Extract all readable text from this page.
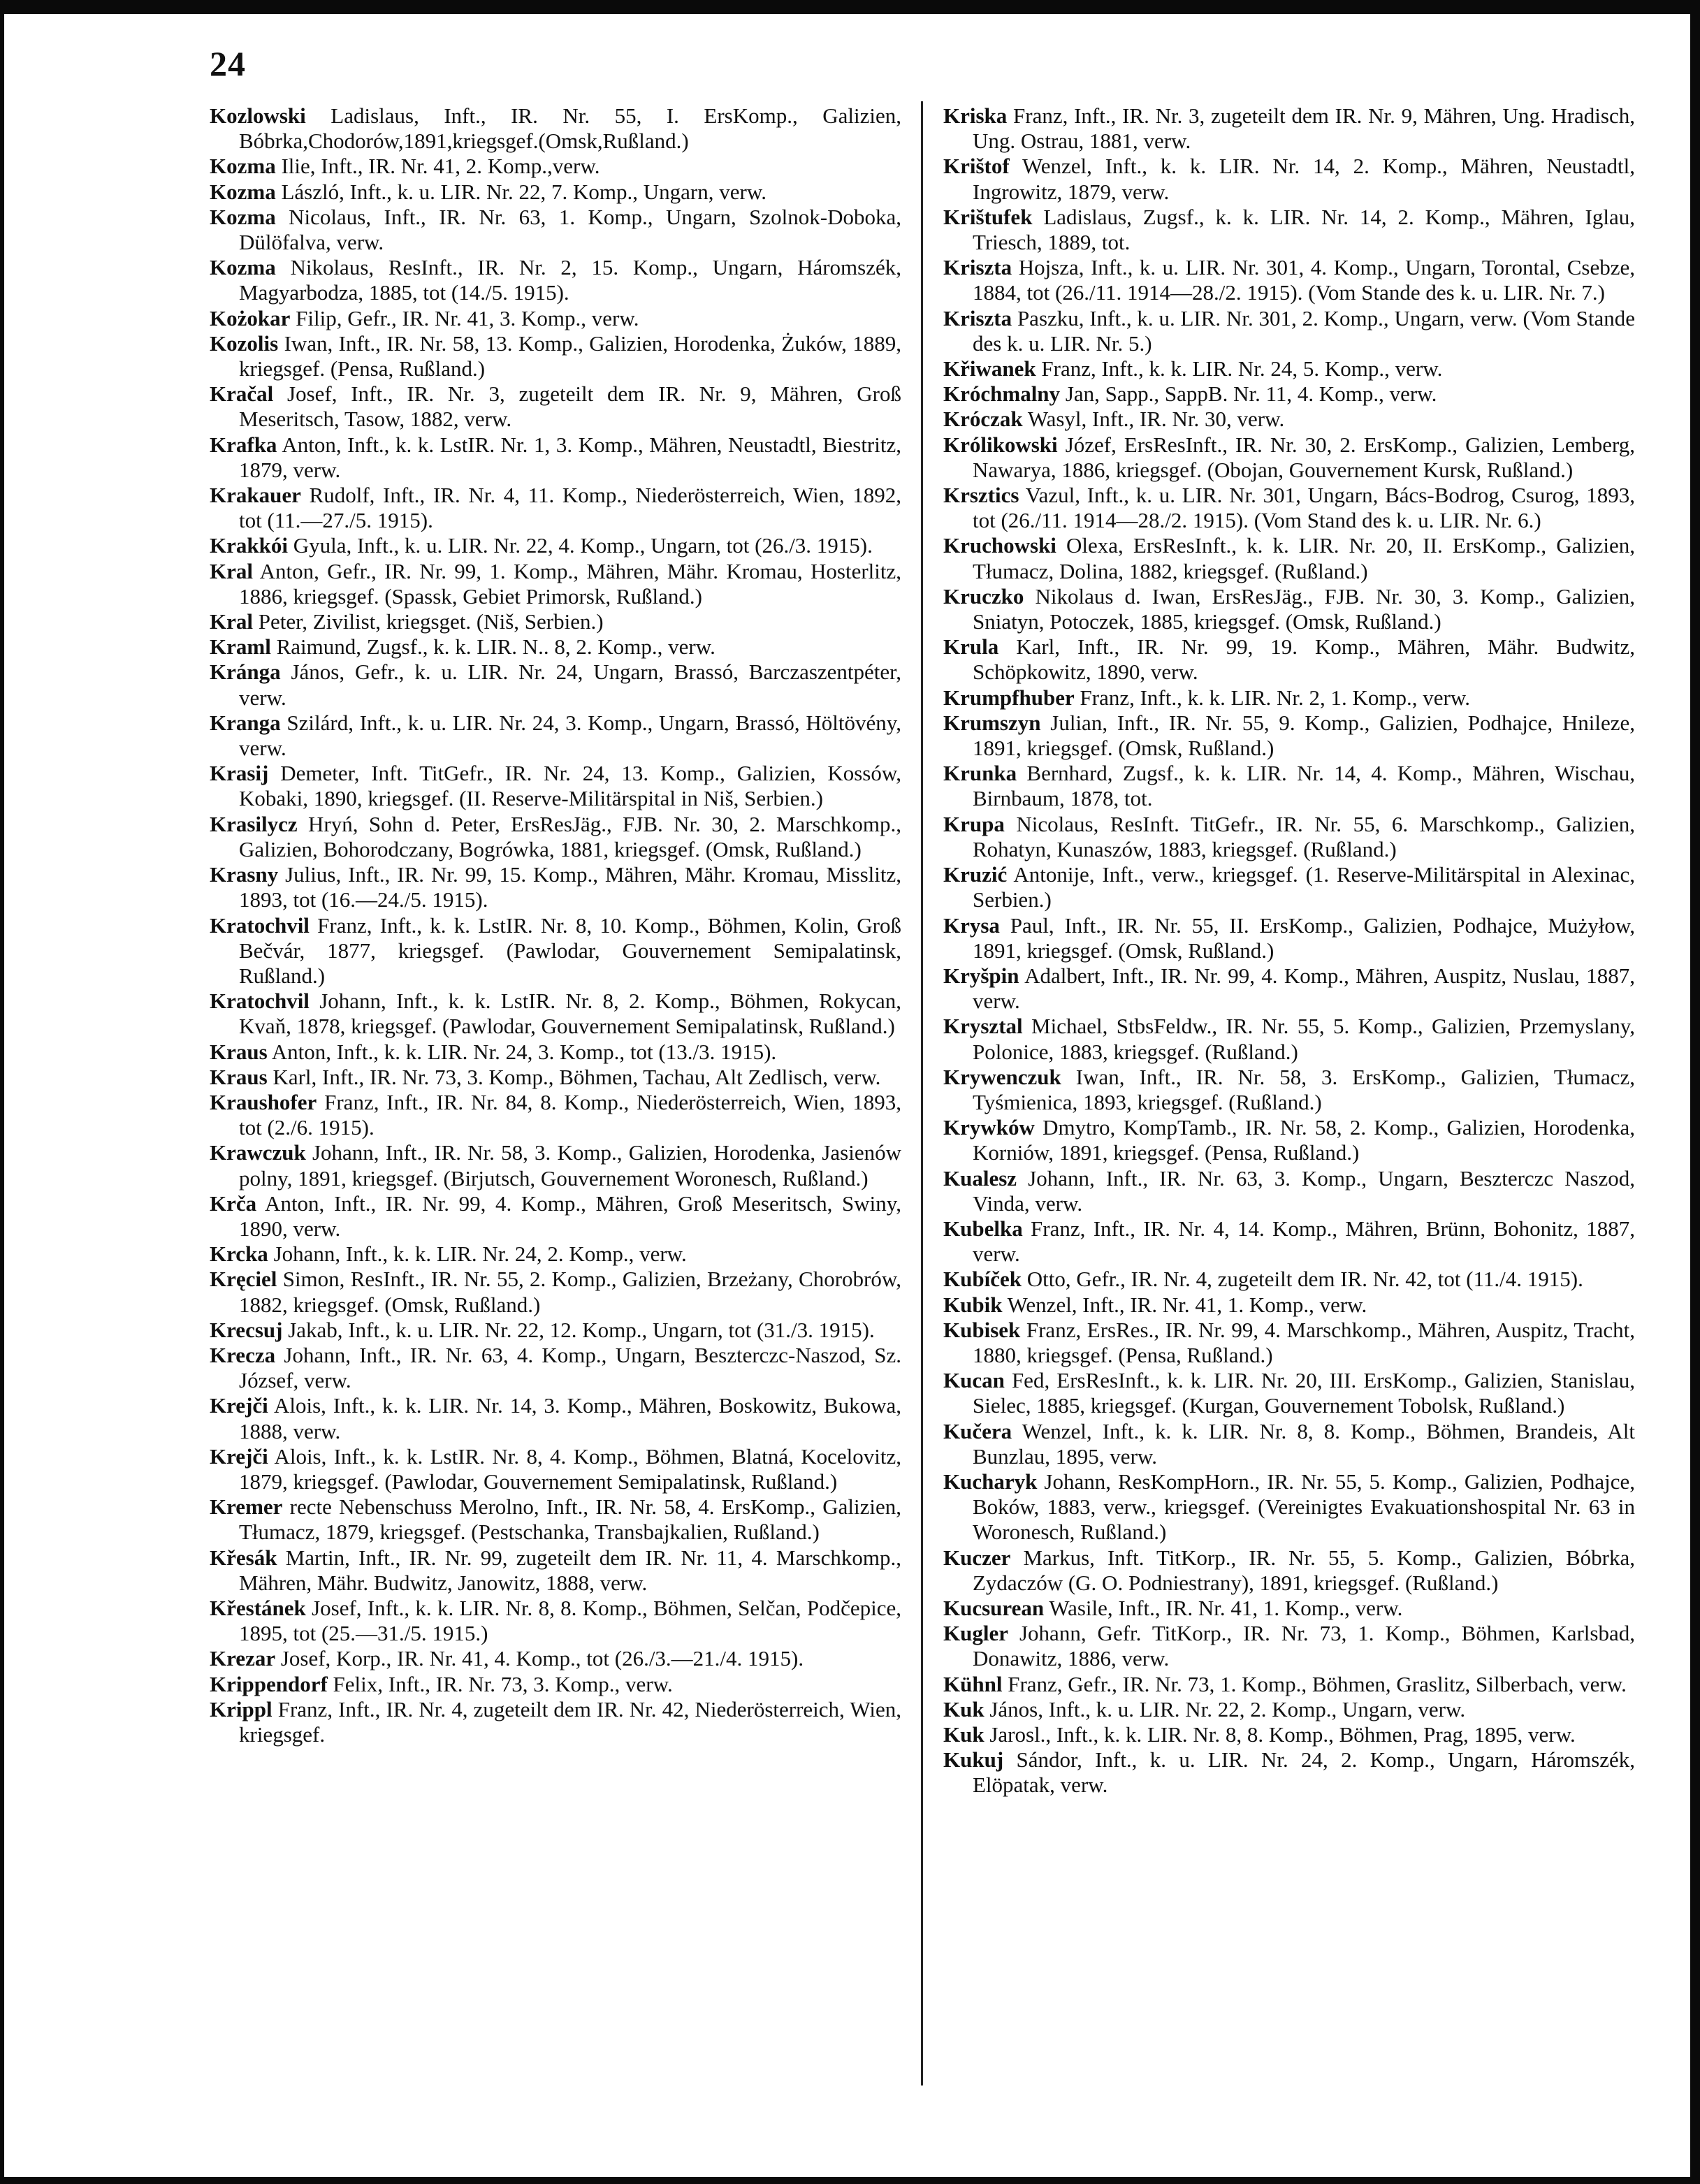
24

Kozlowski Ladislaus, Inft., IR. Nr. 55, I. ErsKomp., Galizien, Bóbrka,Chodorów,1891,kriegsgef.(Omsk,Rußland.)

Kozma Ilie, Inft., IR. Nr. 41, 2. Komp.,verw.

Kozma László, Inft., k. u. LIR. Nr. 22, 7. Komp., Ungarn, verw.

Kozma Nicolaus, Inft., IR. Nr. 63, 1. Komp., Ungarn, Szolnok-Doboka, Dülöfalva, verw.

Kozma Nikolaus, ResInft., IR. Nr. 2, 15. Komp., Ungarn, Háromszék, Magyarbodza, 1885, tot (14./5. 1915).

Kożokar Filip, Gefr., IR. Nr. 41, 3. Komp., verw.

Kozolis Iwan, Inft., IR. Nr. 58, 13. Komp., Galizien, Horodenka, Żuków, 1889, kriegsgef. (Pensa, Rußland.)

Kračal Josef, Inft., IR. Nr. 3, zugeteilt dem IR. Nr. 9, Mähren, Groß Meseritsch, Tasow, 1882, verw.

Krafka Anton, Inft., k. k. LstIR. Nr. 1, 3. Komp., Mähren, Neustadtl, Biestritz, 1879, verw.

Krakauer Rudolf, Inft., IR. Nr. 4, 11. Komp., Niederösterreich, Wien, 1892, tot (11.—27./5. 1915).

Krakkói Gyula, Inft., k. u. LIR. Nr. 22, 4. Komp., Ungarn, tot (26./3. 1915).

Kral Anton, Gefr., IR. Nr. 99, 1. Komp., Mähren, Mähr. Kromau, Hosterlitz, 1886, kriegsgef. (Spassk, Gebiet Primorsk, Rußland.)

Kral Peter, Zivilist, kriegsget. (Niš, Serbien.)

Kraml Raimund, Zugsf., k. k. LIR. N.. 8, 2. Komp., verw.

Kránga János, Gefr., k. u. LIR. Nr. 24, Ungarn, Brassó, Barczaszentpéter, verw.

Kranga Szilárd, Inft., k. u. LIR. Nr. 24, 3. Komp., Ungarn, Brassó, Höltövény, verw.

Krasij Demeter, Inft. TitGefr., IR. Nr. 24, 13. Komp., Galizien, Kossów, Kobaki, 1890, kriegsgef. (II. Reserve-Militärspital in Niš, Serbien.)

Krasilycz Hryń, Sohn d. Peter, ErsResJäg., FJB. Nr. 30, 2. Marschkomp., Galizien, Bohorodczany, Bogrówka, 1881, kriegsgef. (Omsk, Rußland.)

Krasny Julius, Inft., IR. Nr. 99, 15. Komp., Mähren, Mähr. Kromau, Misslitz, 1893, tot (16.—24./5. 1915).

Kratochvil Franz, Inft., k. k. LstIR. Nr. 8, 10. Komp., Böhmen, Kolin, Groß Bečvár, 1877, kriegsgef. (Pawlodar, Gouvernement Semipalatinsk, Rußland.)

Kratochvil Johann, Inft., k. k. LstIR. Nr. 8, 2. Komp., Böhmen, Rokycan, Kvaň, 1878, kriegsgef. (Pawlodar, Gouvernement Semipalatinsk, Rußland.)

Kraus Anton, Inft., k. k. LIR. Nr. 24, 3. Komp., tot (13./3. 1915).

Kraus Karl, Inft., IR. Nr. 73, 3. Komp., Böhmen, Tachau, Alt Zedlisch, verw.

Kraushofer Franz, Inft., IR. Nr. 84, 8. Komp., Niederösterreich, Wien, 1893, tot (2./6. 1915).

Krawczuk Johann, Inft., IR. Nr. 58, 3. Komp., Galizien, Horodenka, Jasienów polny, 1891, kriegsgef. (Birjutsch, Gouvernement Woronesch, Rußland.)

Krča Anton, Inft., IR. Nr. 99, 4. Komp., Mähren, Groß Meseritsch, Swiny, 1890, verw.

Krcka Johann, Inft., k. k. LIR. Nr. 24, 2. Komp., verw.

Kręciel Simon, ResInft., IR. Nr. 55, 2. Komp., Galizien, Brzeżany, Chorobrów, 1882, kriegsgef. (Omsk, Rußland.)

Krecsuj Jakab, Inft., k. u. LIR. Nr. 22, 12. Komp., Ungarn, tot (31./3. 1915).

Krecza Johann, Inft., IR. Nr. 63, 4. Komp., Ungarn, Beszterczc-Naszod, Sz. József, verw.

Krejči Alois, Inft., k. k. LIR. Nr. 14, 3. Komp., Mähren, Boskowitz, Bukowa, 1888, verw.

Krejči Alois, Inft., k. k. LstIR. Nr. 8, 4. Komp., Böhmen, Blatná, Kocelovitz, 1879, kriegsgef. (Pawlodar, Gouvernement Semipalatinsk, Rußland.)

Kremer recte Nebenschuss Merolno, Inft., IR. Nr. 58, 4. ErsKomp., Galizien, Tłumacz, 1879, kriegsgef. (Pestschanka, Transbajkalien, Rußland.)

Křesák Martin, Inft., IR. Nr. 99, zugeteilt dem IR. Nr. 11, 4. Marschkomp., Mähren, Mähr. Budwitz, Janowitz, 1888, verw.

Křestánek Josef, Inft., k. k. LIR. Nr. 8, 8. Komp., Böhmen, Selčan, Podčepice, 1895, tot (25.—31./5. 1915.)

Krezar Josef, Korp., IR. Nr. 41, 4. Komp., tot (26./3.—21./4. 1915).

Krippendorf Felix, Inft., IR. Nr. 73, 3. Komp., verw.

Krippl Franz, Inft., IR. Nr. 4, zugeteilt dem IR. Nr. 42, Niederösterreich, Wien, kriegsgef.

Kriska Franz, Inft., IR. Nr. 3, zugeteilt dem IR. Nr. 9, Mähren, Ung. Hradisch, Ung. Ostrau, 1881, verw.

Krištof Wenzel, Inft., k. k. LIR. Nr. 14, 2. Komp., Mähren, Neustadtl, Ingrowitz, 1879, verw.

Krištufek Ladislaus, Zugsf., k. k. LIR. Nr. 14, 2. Komp., Mähren, Iglau, Triesch, 1889, tot.

Kriszta Hojsza, Inft., k. u. LIR. Nr. 301, 4. Komp., Ungarn, Torontal, Csebze, 1884, tot (26./11. 1914—28./2. 1915). (Vom Stande des k. u. LIR. Nr. 7.)

Kriszta Paszku, Inft., k. u. LIR. Nr. 301, 2. Komp., Ungarn, verw. (Vom Stande des k. u. LIR. Nr. 5.)

Křiwanek Franz, Inft., k. k. LIR. Nr. 24, 5. Komp., verw.

Króchmalny Jan, Sapp., SappB. Nr. 11, 4. Komp., verw.

Króczak Wasyl, Inft., IR. Nr. 30, verw.

Królikowski Józef, ErsResInft., IR. Nr. 30, 2. ErsKomp., Galizien, Lemberg, Nawarya, 1886, kriegsgef. (Obojan, Gouvernement Kursk, Rußland.)

Krsztics Vazul, Inft., k. u. LIR. Nr. 301, Ungarn, Bács-Bodrog, Csurog, 1893, tot (26./11. 1914—28./2. 1915). (Vom Stand des k. u. LIR. Nr. 6.)

Kruchowski Olexa, ErsResInft., k. k. LIR. Nr. 20, II. ErsKomp., Galizien, Tłumacz, Dolina, 1882, kriegsgef. (Rußland.)

Kruczko Nikolaus d. Iwan, ErsResJäg., FJB. Nr. 30, 3. Komp., Galizien, Sniatyn, Potoczek, 1885, kriegsgef. (Omsk, Rußland.)

Krula Karl, Inft., IR. Nr. 99, 19. Komp., Mähren, Mähr. Budwitz, Schöpkowitz, 1890, verw.

Krumpfhuber Franz, Inft., k. k. LIR. Nr. 2, 1. Komp., verw.

Krumszyn Julian, Inft., IR. Nr. 55, 9. Komp., Galizien, Podhajce, Hnileze, 1891, kriegsgef. (Omsk, Rußland.)

Krunka Bernhard, Zugsf., k. k. LIR. Nr. 14, 4. Komp., Mähren, Wischau, Birnbaum, 1878, tot.

Krupa Nicolaus, ResInft. TitGefr., IR. Nr. 55, 6. Marschkomp., Galizien, Rohatyn, Kunaszów, 1883, kriegsgef. (Rußland.)

Kruzić Antonije, Inft., verw., kriegsgef. (1. Reserve-Militärspital in Alexinac, Serbien.)

Krysa Paul, Inft., IR. Nr. 55, II. ErsKomp., Galizien, Podhajce, Mużyłow, 1891, kriegsgef. (Omsk, Rußland.)

Kryšpin Adalbert, Inft., IR. Nr. 99, 4. Komp., Mähren, Auspitz, Nuslau, 1887, verw.

Krysztal Michael, StbsFeldw., IR. Nr. 55, 5. Komp., Galizien, Przemyslany, Polonice, 1883, kriegsgef. (Rußland.)

Krywenczuk Iwan, Inft., IR. Nr. 58, 3. ErsKomp., Galizien, Tłumacz, Tyśmienica, 1893, kriegsgef. (Rußland.)

Krywków Dmytro, KompTamb., IR. Nr. 58, 2. Komp., Galizien, Horodenka, Korniów, 1891, kriegsgef. (Pensa, Rußland.)

Kualesz Johann, Inft., IR. Nr. 63, 3. Komp., Ungarn, Beszterczc Naszod, Vinda, verw.

Kubelka Franz, Inft., IR. Nr. 4, 14. Komp., Mähren, Brünn, Bohonitz, 1887, verw.

Kubíček Otto, Gefr., IR. Nr. 4, zugeteilt dem IR. Nr. 42, tot (11./4. 1915).

Kubik Wenzel, Inft., IR. Nr. 41, 1. Komp., verw.

Kubisek Franz, ErsRes., IR. Nr. 99, 4. Marschkomp., Mähren, Auspitz, Tracht, 1880, kriegsgef. (Pensa, Rußland.)

Kucan Fed, ErsResInft., k. k. LIR. Nr. 20, III. ErsKomp., Galizien, Stanislau, Sielec, 1885, kriegsgef. (Kurgan, Gouvernement Tobolsk, Rußland.)

Kučera Wenzel, Inft., k. k. LIR. Nr. 8, 8. Komp., Böhmen, Brandeis, Alt Bunzlau, 1895, verw.

Kucharyk Johann, ResKompHorn., IR. Nr. 55, 5. Komp., Galizien, Podhajce, Boków, 1883, verw., kriegsgef. (Vereinigtes Evakuationshospital Nr. 63 in Woronesch, Rußland.)

Kuczer Markus, Inft. TitKorp., IR. Nr. 55, 5. Komp., Galizien, Bóbrka, Zydaczów (G. O. Podniestrany), 1891, kriegsgef. (Rußland.)

Kucsurean Wasile, Inft., IR. Nr. 41, 1. Komp., verw.

Kugler Johann, Gefr. TitKorp., IR. Nr. 73, 1. Komp., Böhmen, Karlsbad, Donawitz, 1886, verw.

Kühnl Franz, Gefr., IR. Nr. 73, 1. Komp., Böhmen, Graslitz, Silberbach, verw.

Kuk János, Inft., k. u. LIR. Nr. 22, 2. Komp., Ungarn, verw.

Kuk Jarosl., Inft., k. k. LIR. Nr. 8, 8. Komp., Böhmen, Prag, 1895, verw.

Kukuj Sándor, Inft., k. u. LIR. Nr. 24, 2. Komp., Ungarn, Háromszék, Elöpatak, verw.
